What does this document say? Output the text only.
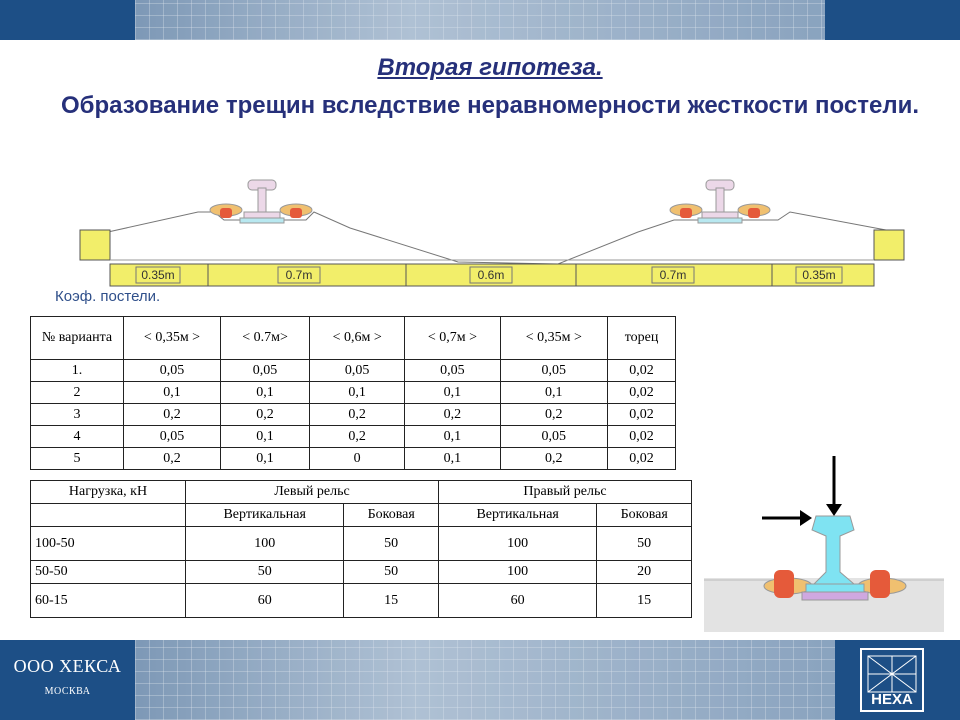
Вторая гипотеза.
Образование трещин вследствие неравномерности жесткости постели.
0.35m	0.7m	0.6m	0.7m	0.35m
Коэф. постели.
№ варианта	< 0,35м >	< 0.7м>	< 0,6м >	< 0,7м >	< 0,35м >	торец
1.	0,05	0,05	0,05	0,05	0,05	0,02
2	0,1	0,1	0,1	0,1	0,1	0,02
3	0,2	0,2	0,2	0,2	0,2	0,02
4	0,05	0,1	0,2	0,1	0,05	0,02
5	0,2	0,1	0	0,1	0,2	0,02
Нагрузка, кН	Левый рельс		Правый рельс	
	Вертикальная	Боковая	Вертикальная	Боковая
100-50	100	50	100	50
50-50	50	50	100	20
60-15	60	15	60	15
ООО ХЕКСА
МОСКВА	НЕХА
